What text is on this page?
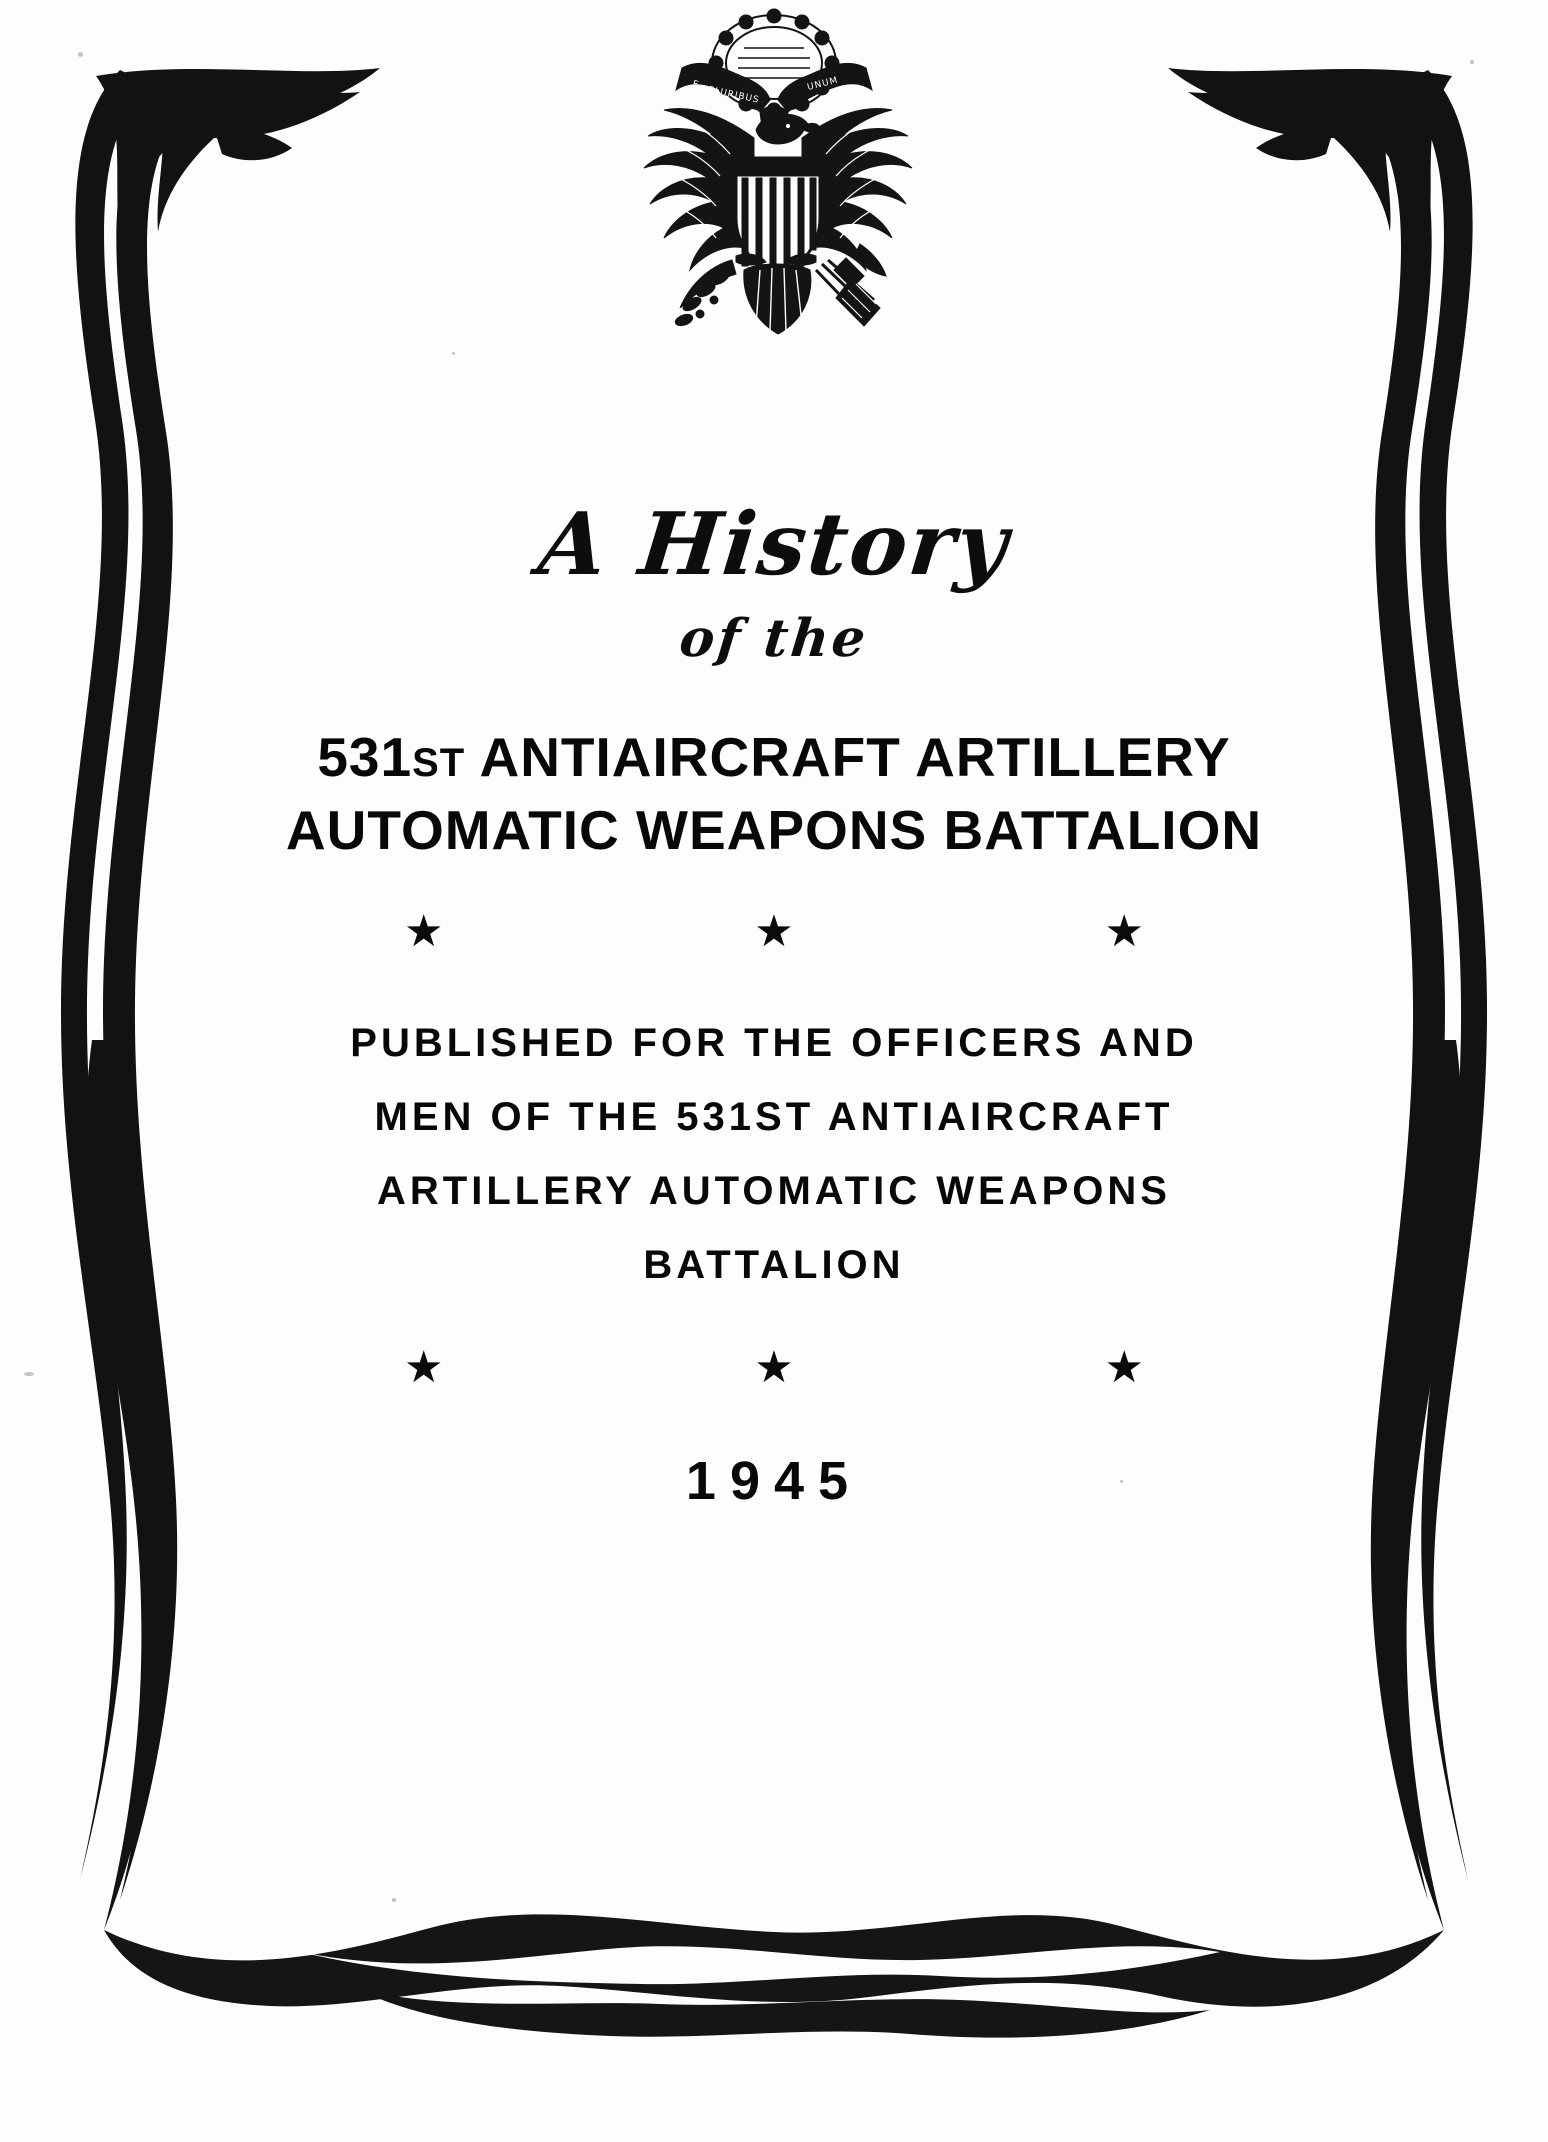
E
PLURIBUS
UNUM
A History
of the
531ST ANTIAIRCRAFT ARTILLERY
AUTOMATIC WEAPONS BATTALION
★	★	★
PUBLISHED FOR THE OFFICERS AND
MEN OF THE 531ST ANTIAIRCRAFT
ARTILLERY AUTOMATIC WEAPONS
BATTALION
★	★	★
1945
